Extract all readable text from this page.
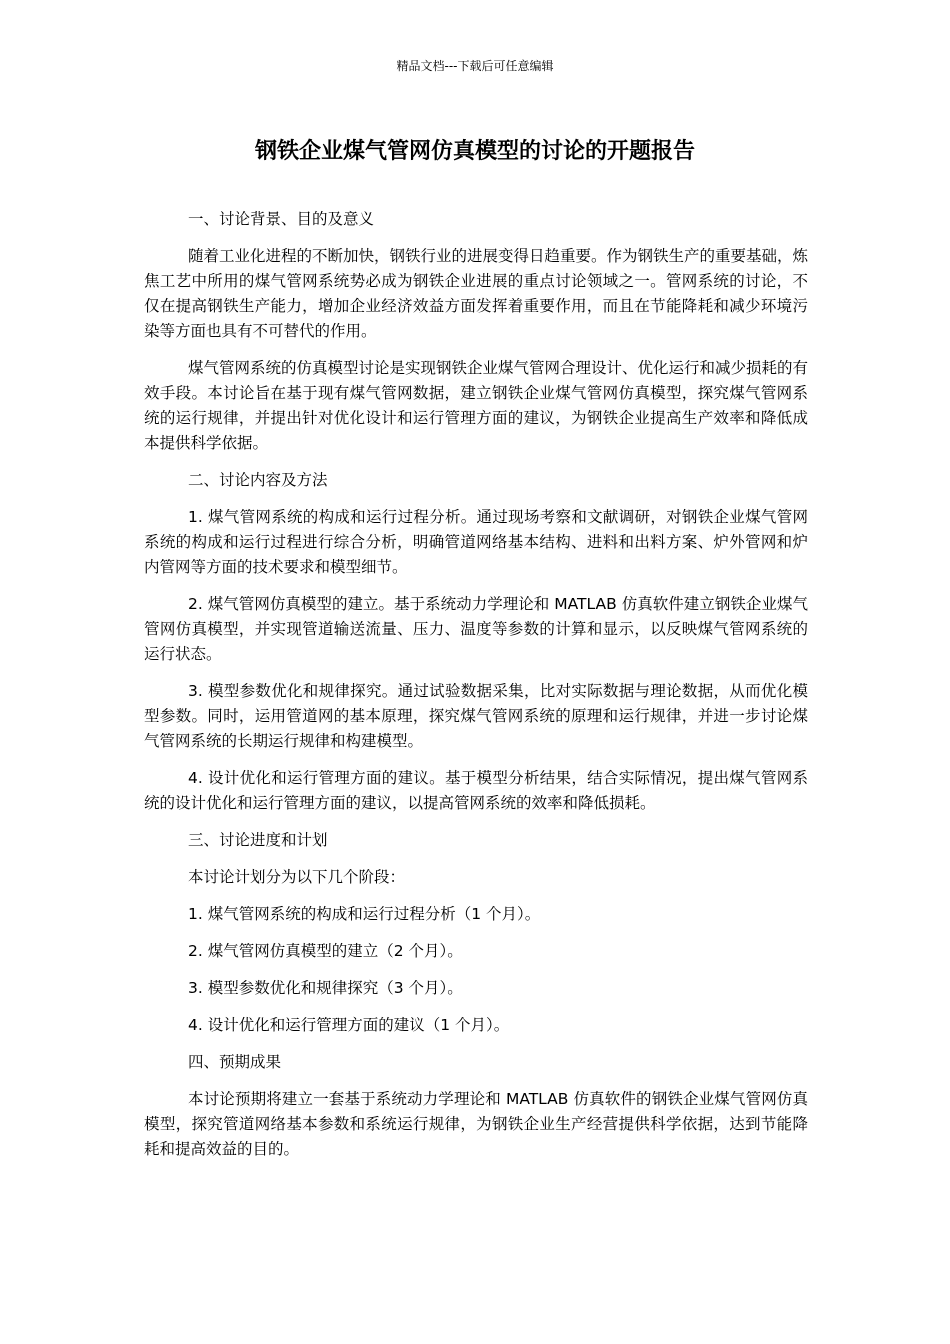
精品文档---下载后可任意编辑
钢铁企业煤气管网仿真模型的讨论的开题报告

一、讨论背景、目的及意义

随着工业化进程的不断加快，钢铁行业的进展变得日趋重要。作为钢铁生产的重要基础，炼焦工艺中所用的煤气管网系统势必成为钢铁企业进展的重点讨论领域之一。管网系统的讨论，不仅在提高钢铁生产能力，增加企业经济效益方面发挥着重要作用，而且在节能降耗和减少环境污染等方面也具有不可替代的作用。

煤气管网系统的仿真模型讨论是实现钢铁企业煤气管网合理设计、优化运行和减少损耗的有效手段。本讨论旨在基于现有煤气管网数据，建立钢铁企业煤气管网仿真模型，探究煤气管网系统的运行规律，并提出针对优化设计和运行管理方面的建议，为钢铁企业提高生产效率和降低成本提供科学依据。

二、讨论内容及方法

1. 煤气管网系统的构成和运行过程分析。通过现场考察和文献调研，对钢铁企业煤气管网系统的构成和运行过程进行综合分析，明确管道网络基本结构、进料和出料方案、炉外管网和炉内管网等方面的技术要求和模型细节。

2. 煤气管网仿真模型的建立。基于系统动力学理论和 MATLAB 仿真软件建立钢铁企业煤气管网仿真模型，并实现管道输送流量、压力、温度等参数的计算和显示，以反映煤气管网系统的运行状态。

3. 模型参数优化和规律探究。通过试验数据采集，比对实际数据与理论数据，从而优化模型参数。同时，运用管道网的基本原理，探究煤气管网系统的原理和运行规律，并进一步讨论煤气管网系统的长期运行规律和构建模型。

4. 设计优化和运行管理方面的建议。基于模型分析结果，结合实际情况，提出煤气管网系统的设计优化和运行管理方面的建议，以提高管网系统的效率和降低损耗。

三、讨论进度和计划

本讨论计划分为以下几个阶段：

1. 煤气管网系统的构成和运行过程分析（1 个月）。

2. 煤气管网仿真模型的建立（2 个月）。

3. 模型参数优化和规律探究（3 个月）。

4. 设计优化和运行管理方面的建议（1 个月）。

四、预期成果

本讨论预期将建立一套基于系统动力学理论和 MATLAB 仿真软件的钢铁企业煤气管网仿真模型，探究管道网络基本参数和系统运行规律，为钢铁企业生产经营提供科学依据，达到节能降耗和提高效益的目的。
